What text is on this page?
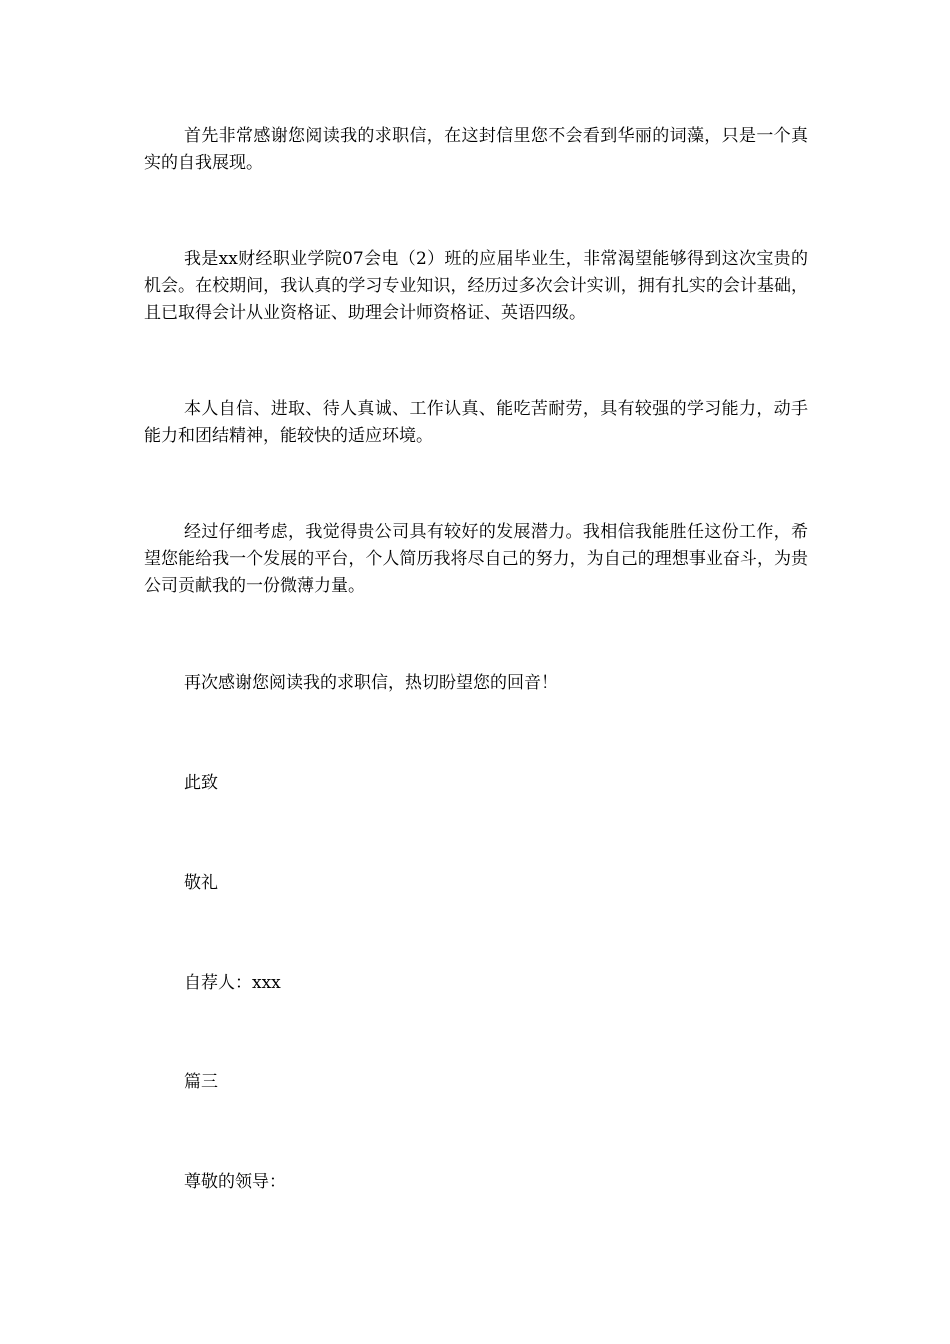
首先非常感谢您阅读我的求职信，在这封信里您不会看到华丽的词藻，只是一个真实的自我展现。

我是xx财经职业学院07会电（2）班的应届毕业生，非常渴望能够得到这次宝贵的机会。在校期间，我认真的学习专业知识，经历过多次会计实训，拥有扎实的会计基础，且已取得会计从业资格证、助理会计师资格证、英语四级。

本人自信、进取、待人真诚、工作认真、能吃苦耐劳，具有较强的学习能力，动手能力和团结精神，能较快的适应环境。

经过仔细考虑，我觉得贵公司具有较好的发展潜力。我相信我能胜任这份工作，希望您能给我一个发展的平台，个人简历我将尽自己的努力，为自己的理想事业奋斗，为贵公司贡献我的一份微薄力量。

再次感谢您阅读我的求职信，热切盼望您的回音！

此致

敬礼

自荐人：xxx

篇三

尊敬的领导：
